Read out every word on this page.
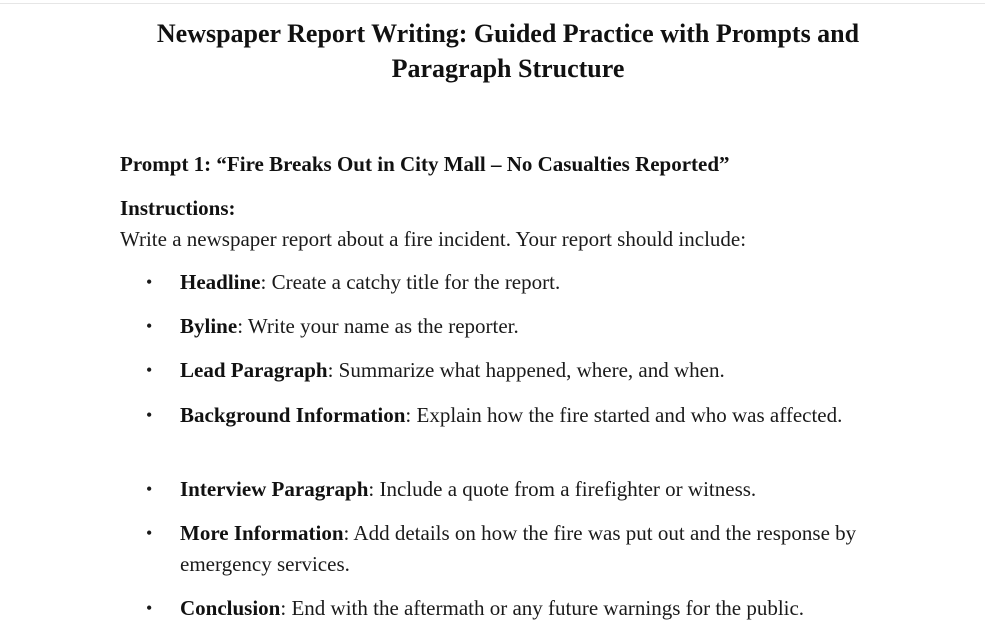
Newspaper Report Writing: Guided Practice with Prompts and Paragraph Structure
Prompt 1: “Fire Breaks Out in City Mall – No Casualties Reported”
Instructions:

Write a newspaper report about a fire incident. Your report should include:

•	Headline: Create a catchy title for the report.
•	Byline: Write your name as the reporter.
•	Lead Paragraph: Summarize what happened, where, and when.
•	Background Information: Explain how the fire started and who was affected.
•	Interview Paragraph: Include a quote from a firefighter or witness.
•	More Information: Add details on how the fire was put out and the response by emergency services.
•	Conclusion: End with the aftermath or any future warnings for the public.
